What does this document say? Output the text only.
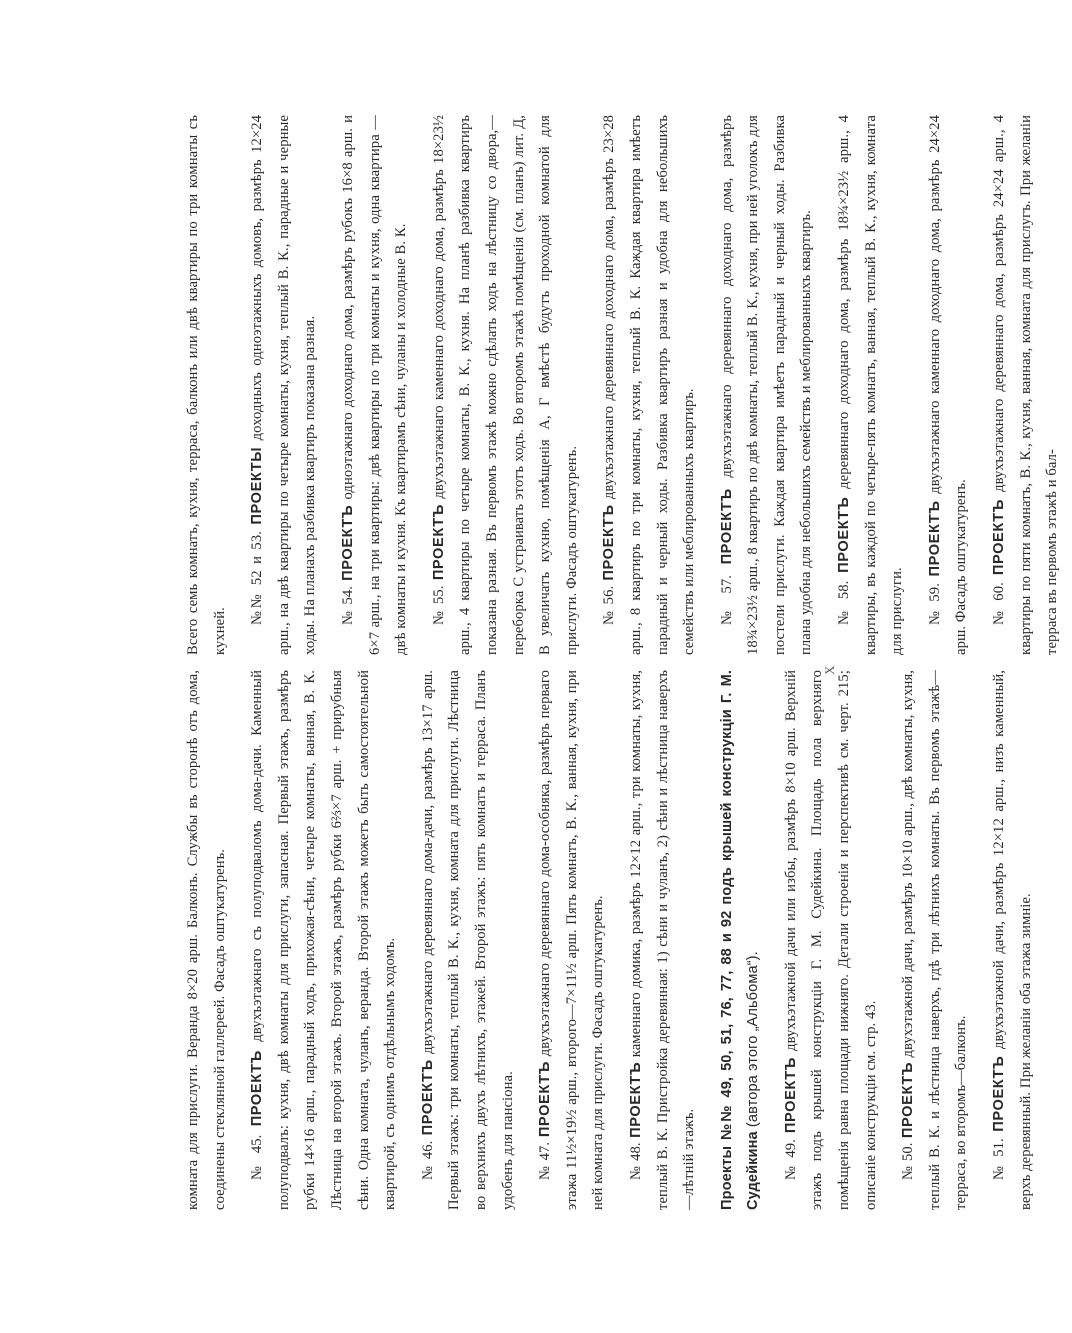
комната для прислуги. Веранда 8×20 арш. Балконъ. Службы въ сторонѣ отъ дома, соединены стеклянной галлереей. Фасадъ оштукатуренъ.	№ 45. ПРОЕКТЪ двухъэтажнаго съ полуподваломъ дома-дачи. Каменный полуподвалъ: кухня, двѣ комнаты для прислуги, запасная. Первый этажъ, размѣръ рубки 14×16 арш., парадный ходъ, прихожая-сѣни, четыре комнаты, ванная, В. К. Лѣстница на второй этажъ. Второй этажъ, размѣръ рубки 6⅔×7 арш. + прирубныя сѣни. Одна комната, чуланъ, веранда. Второй этажъ можетъ быть самостоятельной квартирой, съ однимъ отдѣльнымъ ходомъ.	№ 46. ПРОЕКТЪ двухъэтажнаго деревяннаго дома-дачи, размѣръ 13×17 арш. Первый этажъ: три комнаты, теплый В. К., кухня, комната для прислуги. Лѣстница во верхнихъ двухъ лѣтнихъ, этажей. Второй этажъ: пять комнатъ и терраса. Планъ удобенъ для пансіона.	№ 47. ПРОЕКТЪ двухъэтажнаго деревяннаго дома-особняка, размѣръ перваго этажа 11½×19½ арш., второго—7×11½ арш. Пять комнатъ, В. К., ванная, кухня, при ней комната для прислуги. Фасадъ оштукатуренъ.	№ 48. ПРОЕКТЪ каменнаго домика, размѣръ 12×12 арш., три комнаты, кухня, теплый В. К. Пристройка деревянная: 1) сѣни и чуланъ, 2) сѣни и лѣстница наверхъ—лѣтній этажъ.	Проекты №№ 49, 50, 51, 76, 77, 88 и 92 подъ крышей конструкціи Г. М. Судейкина (автора этого „Альбома“).

№ 49. ПРОЕКТЪ двухъэтажной дачи или избы, размѣръ 8×10 арш. Верхній этажъ подъ крышей конструкціи Г. М. Судейкина. Площадь пола верхняго помѣщенія равна площади нижняго. Детали строенія и перспективѣ см. черт. 215; описаніе конструкціи см. стр. 43.	№ 50. ПРОЕКТЪ двухэтажной дачи, размѣръ 10×10 арш., двѣ комнаты, кухня, теплый В. К. и лѣстница наверхъ, гдѣ три лѣтнихъ комнаты. Въ первомъ этажѣ—терраса, во второмъ—балконъ.	№ 51. ПРОЕКТЪ двухъэтажной дачи, размѣръ 12×12 арш., низъ каменный, верхъ деревянный. При желаніи оба этажа зимніе.

Всего семь комнатъ, кухня, терраса, балконъ или двѣ квартиры по три комнаты съ кухней.

№№ 52 и 53. ПРОЕКТЫ доходныхъ одноэтажныхъ домовъ, размѣръ 12×24 арш., на двѣ квартиры по четыре комнаты, кухня, теплый В. К., парадные и черные ходы. На планахъ разбивка квартиръ показана разная.	№ 54. ПРОЕКТЪ одноэтажнаго доходнаго дома, размѣръ рубокъ 16×8 арш. и 6×7 арш., на три квартиры: двѣ квартиры по три комнаты и кухня, одна квартира — двѣ комнаты и кухня. Къ квартирамъ сѣни, чуланы и холодные В. К.	№ 55. ПРОЕКТЪ двухъэтажнаго каменнаго доходнаго дома, размѣръ 18×23½ арш., 4 квартиры по четыре комнаты, В. К., кухня. На планѣ разбивка квартиръ показана разная. Въ первомъ этажѣ можно сдѣлать ходъ на лѣстницу со двора,—переборка С устраивать этотъ ходъ. Во второмъ этажѣ помѣщенія (см. планъ) лит. Д, В увеличатъ кухню, помѣщенія А, Г вмѣстѣ будутъ проходной комнатой для прислуги. Фасадъ оштукатуренъ.	№ 56. ПРОЕКТЪ двухъэтажнаго деревяннаго доходнаго дома, размѣръ 23×28 арш., 8 квартиръ по три комнаты, кухня, теплый В. К. Каждая квартира имѣетъ парадный и черный ходы. Разбивка квартиръ разная и удобна для небольшихъ семействъ или меблированныхъ квартиръ.	№ 57. ПРОЕКТЪ двухъэтажнаго деревяннаго доходнаго дома, размѣръ 18¾×23½ арш., 8 квартиръ по двѣ комнаты, теплый В. К., кухня, при ней уголокъ для постели прислуги. Каждая квартира имѣетъ парадный и черный ходы. Разбивка плана удобна для небольшихъ семействъ и меблированныхъ квартиръ.	№ 58. ПРОЕКТЪ деревяннаго доходнаго дома, размѣръ 18¾×23½ арш., 4 квартиры, въ каждой по четыре-пять комнатъ, ванная, теплый В. К., кухня, комната для прислуги.	№ 59. ПРОЕКТЪ двухъэтажнаго каменнаго доходнаго дома, размѣръ 24×24 арш. Фасадъ оштукатуренъ.	№ 60. ПРОЕКТЪ двухъэтажнаго деревяннаго дома, размѣръ 24×24 арш., 4 квартиры по пяти комнатъ, В. К., кухня, ванная, комната для прислугъ. При желаніи терраса въ первомъ этажѣ и бал-

X
